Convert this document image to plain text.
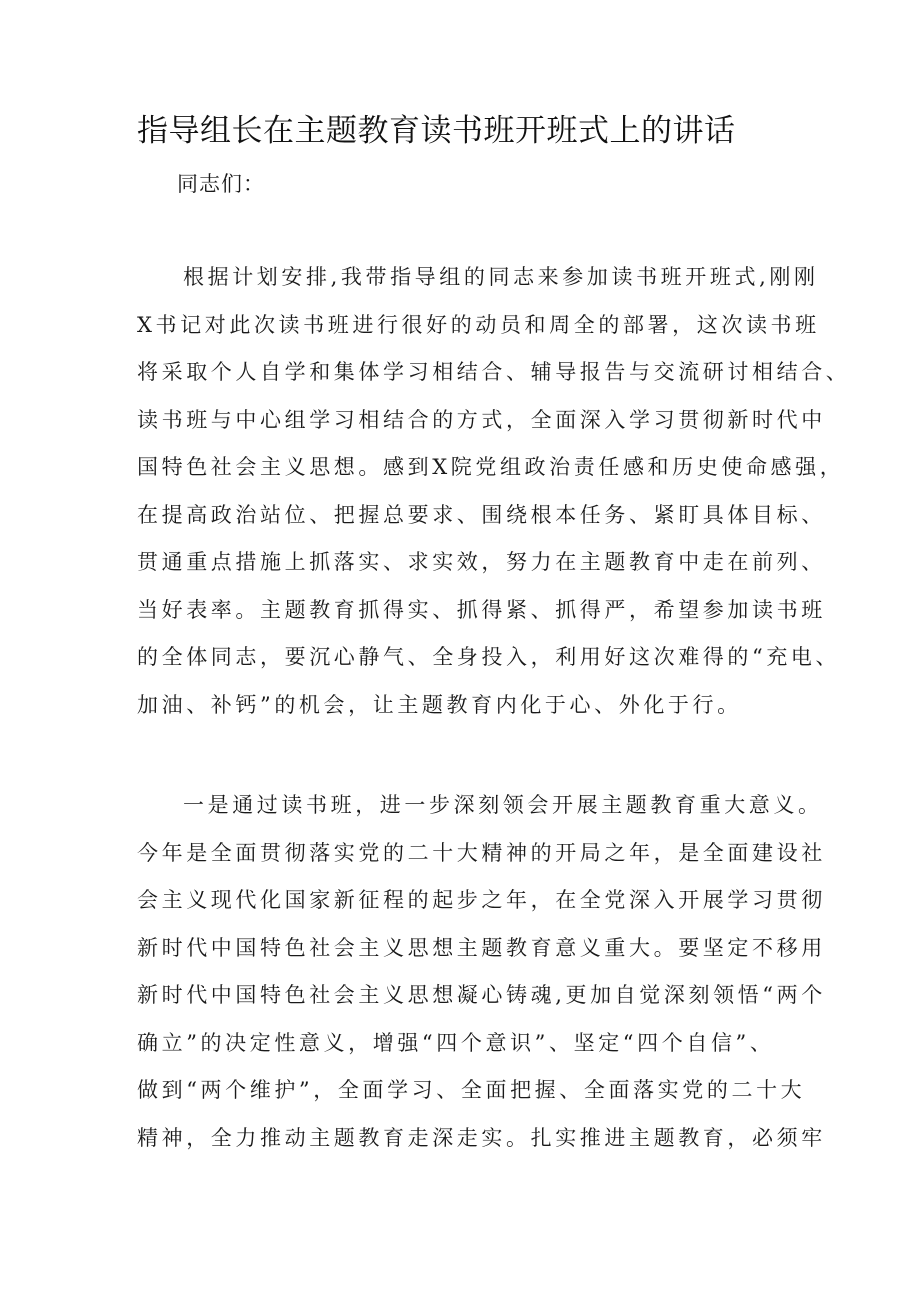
指导组长在主题教育读书班开班式上的讲话
同志们：
根据计划安排,我带指导组的同志来参加读书班开班式,刚刚
X书记对此次读书班进行很好的动员和周全的部署，这次读书班
将采取个人自学和集体学习相结合、辅导报告与交流研讨相结合、
读书班与中心组学习相结合的方式，全面深入学习贯彻新时代中
国特色社会主义思想。感到X院党组政治责任感和历史使命感强，
在提高政治站位、把握总要求、围绕根本任务、紧盯具体目标、
贯通重点措施上抓落实、求实效，努力在主题教育中走在前列、
当好表率。主题教育抓得实、抓得紧、抓得严，希望参加读书班
的全体同志，要沉心静气、全身投入，利用好这次难得的“充电、
加油、补钙”的机会，让主题教育内化于心、外化于行。
一是通过读书班，进一步深刻领会开展主题教育重大意义。
今年是全面贯彻落实党的二十大精神的开局之年，是全面建设社
会主义现代化国家新征程的起步之年，在全党深入开展学习贯彻
新时代中国特色社会主义思想主题教育意义重大。要坚定不移用
新时代中国特色社会主义思想凝心铸魂,更加自觉深刻领悟“两个
确立”的决定性意义，增强“四个意识”、坚定“四个自信”、
做到“两个维护”，全面学习、全面把握、全面落实党的二十大
精神，全力推动主题教育走深走实。扎实推进主题教育，必须牢
